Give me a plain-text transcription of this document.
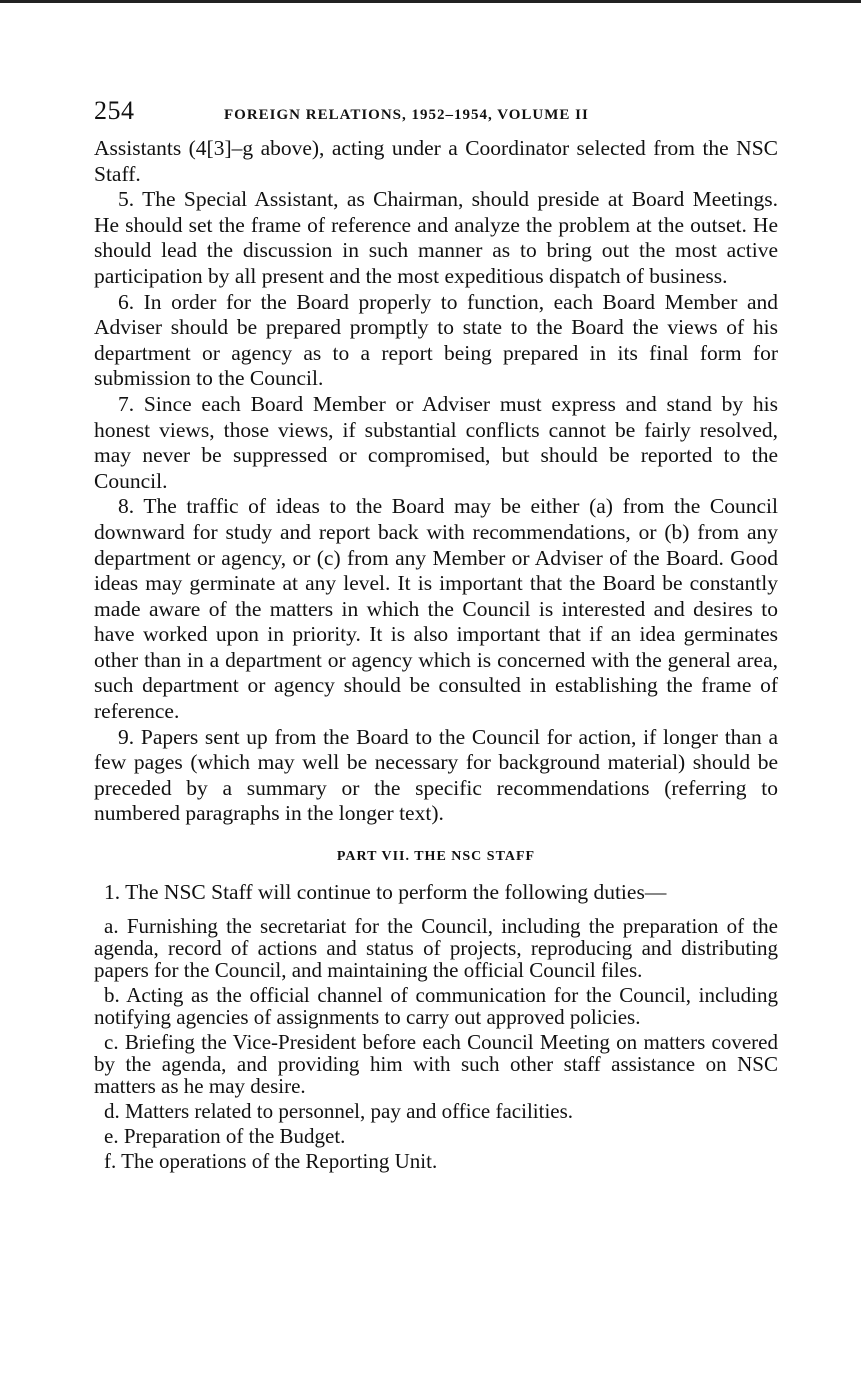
254	FOREIGN RELATIONS, 1952–1954, VOLUME II

Assistants (4[3]–g above), acting under a Coordinator selected from the NSC Staff.

5. The Special Assistant, as Chairman, should preside at Board Meetings. He should set the frame of reference and analyze the problem at the outset. He should lead the discussion in such manner as to bring out the most active participation by all present and the most expeditious dispatch of business.

6. In order for the Board properly to function, each Board Member and Adviser should be prepared promptly to state to the Board the views of his department or agency as to a report being prepared in its final form for submission to the Council.

7. Since each Board Member or Adviser must express and stand by his honest views, those views, if substantial conflicts cannot be fairly resolved, may never be suppressed or compromised, but should be reported to the Council.

8. The traffic of ideas to the Board may be either (a) from the Council downward for study and report back with recommendations, or (b) from any department or agency, or (c) from any Member or Adviser of the Board. Good ideas may germinate at any level. It is important that the Board be constantly made aware of the matters in which the Council is interested and desires to have worked upon in priority. It is also important that if an idea germinates other than in a department or agency which is concerned with the general area, such department or agency should be consulted in establishing the frame of reference.

9. Papers sent up from the Board to the Council for action, if longer than a few pages (which may well be necessary for background material) should be preceded by a summary or the specific recommendations (referring to numbered paragraphs in the longer text).

PART VII. THE NSC STAFF

1. The NSC Staff will continue to perform the following duties—

a. Furnishing the secretariat for the Council, including the preparation of the agenda, record of actions and status of projects, reproducing and distributing papers for the Council, and maintaining the official Council files.

b. Acting as the official channel of communication for the Council, including notifying agencies of assignments to carry out approved policies.

c. Briefing the Vice-President before each Council Meeting on matters covered by the agenda, and providing him with such other staff assistance on NSC matters as he may desire.

d. Matters related to personnel, pay and office facilities.

e. Preparation of the Budget.

f. The operations of the Reporting Unit.
